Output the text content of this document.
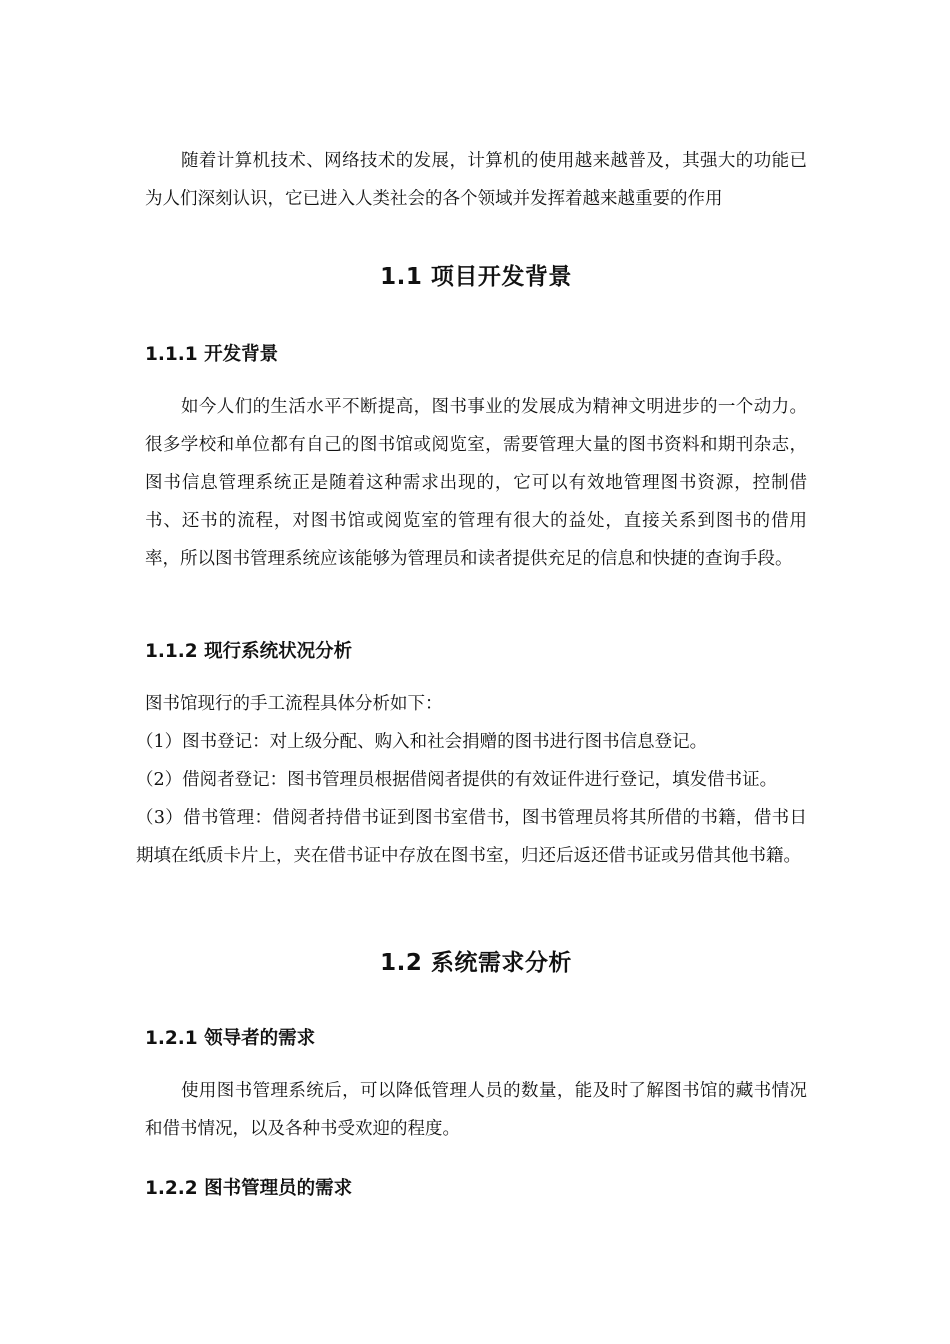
随着计算机技术、网络技术的发展，计算机的使用越来越普及，其强大的功能已为人们深刻认识，它已进入人类社会的各个领域并发挥着越来越重要的作用

1.1 项目开发背景
1.1.1 开发背景

如今人们的生活水平不断提高，图书事业的发展成为精神文明进步的一个动力。很多学校和单位都有自己的图书馆或阅览室，需要管理大量的图书资料和期刊杂志，图书信息管理系统正是随着这种需求出现的，它可以有效地管理图书资源，控制借书、还书的流程，对图书馆或阅览室的管理有很大的益处，直接关系到图书的借用率，所以图书管理系统应该能够为管理员和读者提供充足的信息和快捷的查询手段。

1.1.2 现行系统状况分析

图书馆现行的手工流程具体分析如下：

（1）图书登记：对上级分配、购入和社会捐赠的图书进行图书信息登记。

（2）借阅者登记：图书管理员根据借阅者提供的有效证件进行登记，填发借书证。

（3）借书管理：借阅者持借书证到图书室借书，图书管理员将其所借的书籍，借书日期填在纸质卡片上，夹在借书证中存放在图书室，归还后返还借书证或另借其他书籍。

1.2 系统需求分析
1.2.1 领导者的需求

使用图书管理系统后，可以降低管理人员的数量，能及时了解图书馆的藏书情况和借书情况，以及各种书受欢迎的程度。

1.2.2 图书管理员的需求
